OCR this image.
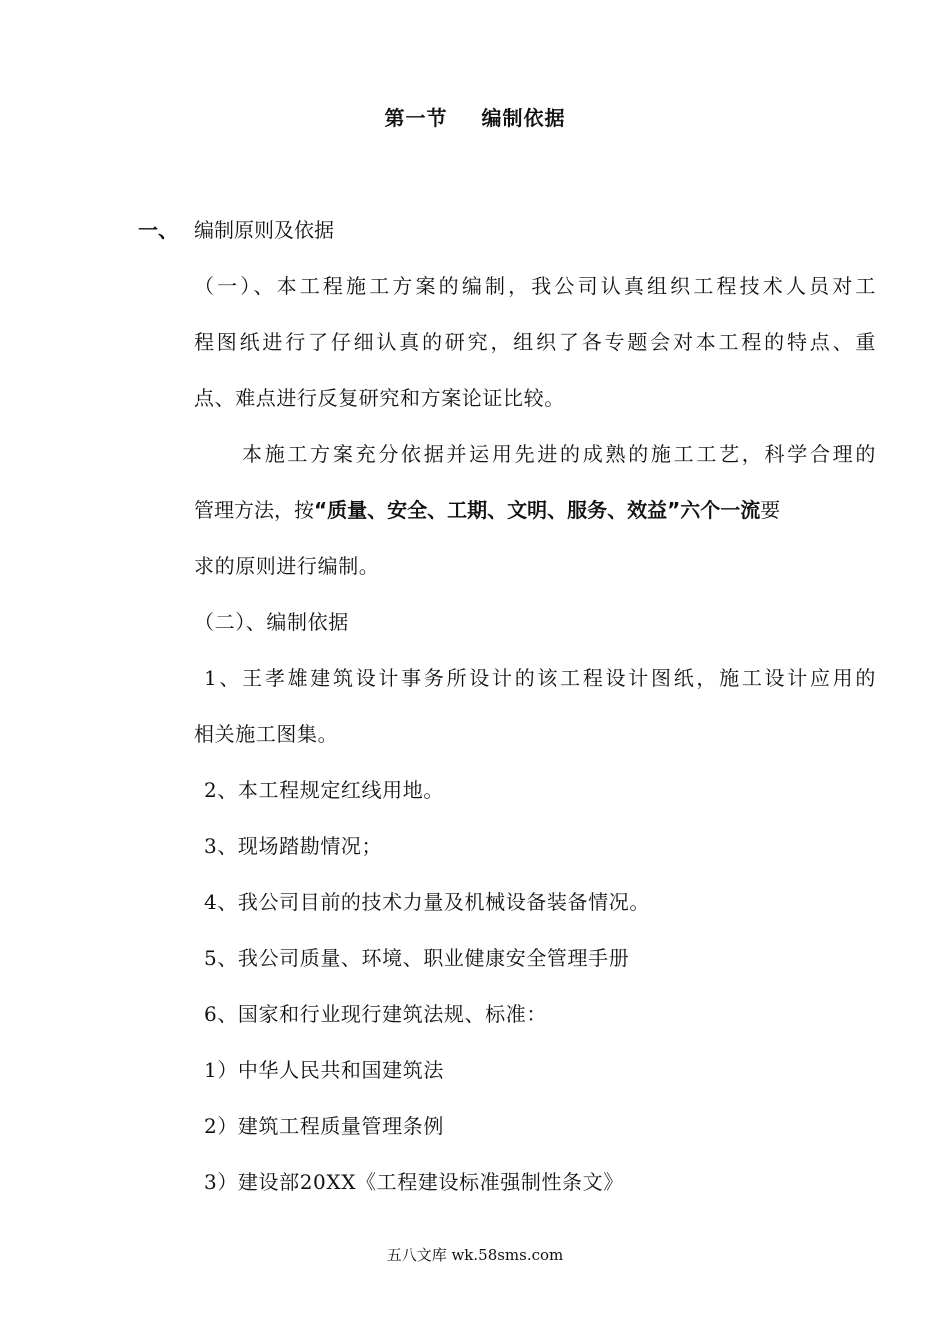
第一节 编制依据
一、 编制原则及依据
（一）、本工程施工方案的编制，我公司认真组织工程技术人员对工
程图纸进行了仔细认真的研究，组织了各专题会对本工程的特点、重
点、难点进行反复研究和方案论证比较。
本施工方案充分依据并运用先进的成熟的施工工艺，科学合理的
管理方法，按“质量、安全、工期、文明、服务、效益”六个一流要
求的原则进行编制。
（二）、编制依据
1、王孝雄建筑设计事务所设计的该工程设计图纸，施工设计应用的
相关施工图集。
2、本工程规定红线用地。
3、现场踏勘情况；
4、我公司目前的技术力量及机械设备装备情况。
5、我公司质量、环境、职业健康安全管理手册
6、国家和行业现行建筑法规、标准：
1）中华人民共和国建筑法
2）建筑工程质量管理条例
3）建设部20XX《工程建设标准强制性条文》
五八文库 wk.58sms.com
